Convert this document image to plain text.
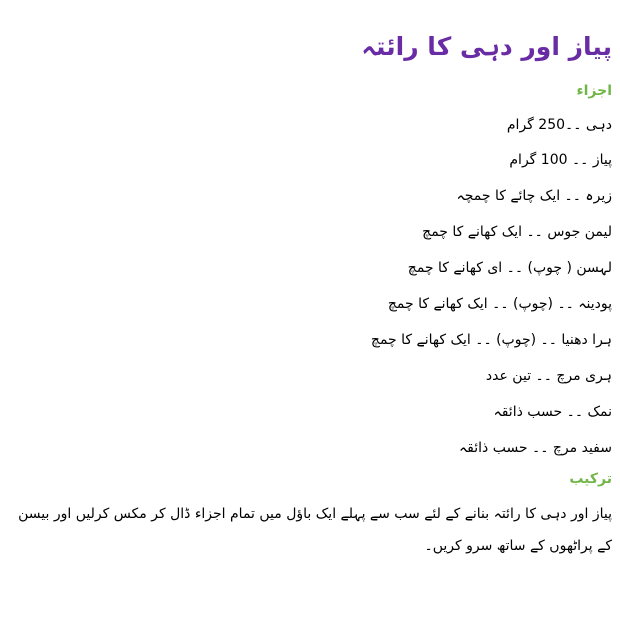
پیاز اور دہی کا رائتہ
اجزاء
دہی ۔۔250 گرام
پیاز ۔۔ 100 گرام
زیرہ ۔۔ ایک چائے کا چمچہ
لیمن جوس ۔۔ ایک کھانے کا چمچ
لہسن ( چوپ) ۔۔ ای کھانے کا چمچ
پودینہ ۔۔ (چوپ) ۔۔ ایک کھانے کا چمچ
ہرا دھنیا ۔۔ (چوپ) ۔۔ ایک کھانے کا چمچ
ہری مرچ ۔۔ تین عدد
نمک ۔۔ حسب ذائقہ
سفید مرچ ۔۔ حسب ذائقہ
ترکیب

پیاز اور دہی کا رائتہ بنانے کے لئے سب سے پہلے ایک باؤل میں تمام اجزاء ڈال کر مکس کرلیں اور بیسن کے پراٹھوں کے ساتھ سرو کریں۔
